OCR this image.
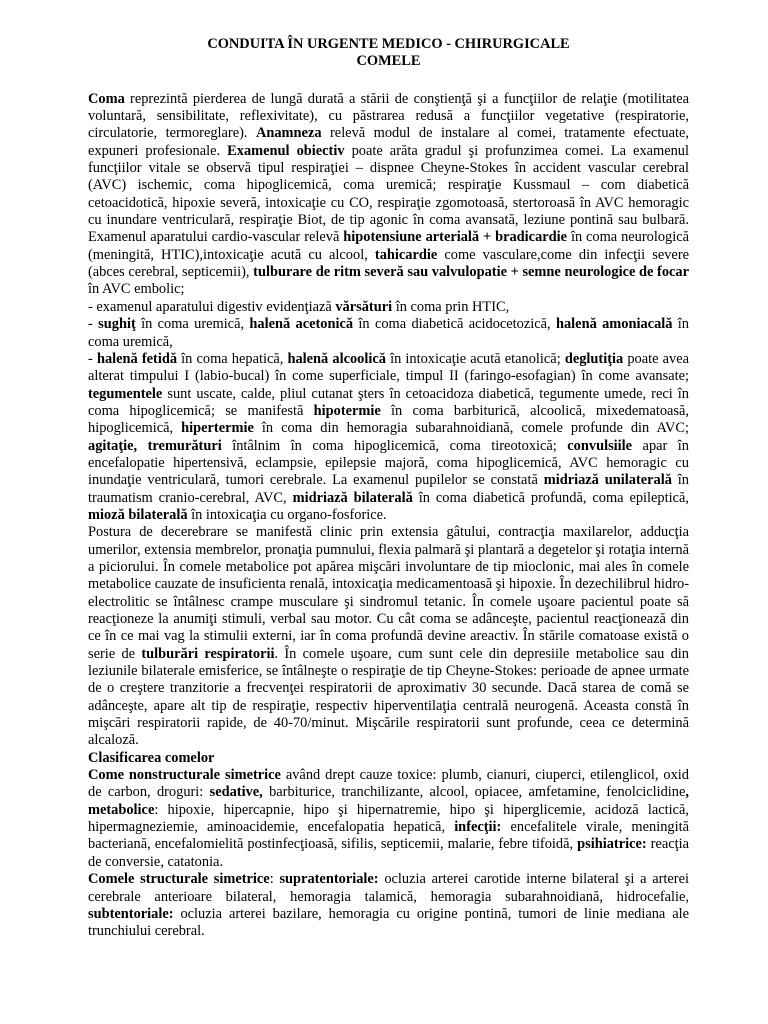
CONDUITA ÎN URGENTE MEDICO - CHIRURGICALE

COMELE

Coma reprezintă pierderea de lungă durată a stării de conştienţă şi a funcţiilor de relaţie (motilitatea voluntară, sensibilitate, reflexivitate), cu păstrarea redusă a funcţiilor vegetative (respiratorie, circulatorie, termoreglare). Anamneza relevă modul de instalare al comei, tratamente efectuate, expuneri profesionale. Examenul obiectiv poate arăta gradul şi profunzimea comei. La examenul funcţiilor vitale se observă tipul respiraţiei – dispnee Cheyne-Stokes în accident vascular cerebral (AVC) ischemic, coma hipoglicemică, coma uremică; respiraţie Kussmaul – com diabetică cetoacidotică, hipoxie severă, intoxicaţie cu CO, respiraţie zgomotoasă, stertoroasă în AVC hemoragic cu inundare ventriculară, respiraţie Biot, de tip agonic în coma avansată, leziune pontină sau bulbară. Examenul aparatului cardio-vascular relevă hipotensiune arterială + bradicardie în coma neurologică (meningită, HTIC),intoxicaţie acută cu alcool, tahicardie come vasculare,come din infecţii severe (abces cerebral, septicemii), tulburare de ritm severă sau valvulopatie + semne neurologice de focar în AVC embolic;

- examenul aparatului digestiv evidenţiază vărsături în coma prin HTIC,

- sughiţ în coma uremică, halenă acetonică în coma diabetică acidocetozică, halenă amoniacală în coma uremică,

- halenă fetidă în coma hepatică, halenă alcoolică în intoxicaţie acută etanolică; deglutiţia poate avea alterat timpului I (labio-bucal) în come superficiale, timpul II (faringo-esofagian) în come avansate; tegumentele sunt uscate, calde, pliul cutanat şters în cetoacidoza diabetică, tegumente umede, reci în coma hipoglicemică; se manifestă hipotermie în coma barbiturică, alcoolică, mixedematoasă, hipoglicemică, hipertermie în coma din hemoragia subarahnoidiană, comele profunde din AVC; agitaţie, tremurături întâlnim în coma hipoglicemică, coma tireotoxică; convulsiile apar în encefalopatie hipertensivă, eclampsie, epilepsie majoră, coma hipoglicemică, AVC hemoragic cu inundaţie ventriculară, tumori cerebrale. La examenul pupilelor se constată midriază unilaterală în traumatism cranio-cerebral, AVC, midriază bilaterală în coma diabetică profundă, coma epileptică, mioză bilaterală în intoxicaţia cu organo-fosforice.

Postura de decerebrare se manifestă clinic prin extensia gâtului, contracţia maxilarelor, adducţia umerilor, extensia membrelor, pronaţia pumnului, flexia palmară şi plantară a degetelor şi rotaţia internă a piciorului. În comele metabolice pot apărea mişcări involuntare de tip mioclonic, mai ales în comele metabolice cauzate de insuficienta renală, intoxicaţia medicamentoasă şi hipoxie. În dezechilibrul hidro-electrolitic se întâlnesc crampe musculare şi sindromul tetanic. În comele uşoare pacientul poate să reacţioneze la anumiţi stimuli, verbal sau motor. Cu cât coma se adânceşte, pacientul reacţionează din ce în ce mai vag la stimulii externi, iar în coma profundă devine areactiv. În stările comatoase există o serie de tulburări respiratorii. În comele uşoare, cum sunt cele din depresiile metabolice sau din leziunile bilaterale emisferice, se întâlneşte o respiraţie de tip Cheyne-Stokes: perioade de apnee urmate de o creştere tranzitorie a frecvenţei respiratorii de aproximativ 30 secunde. Dacă starea de comă se adânceşte, apare alt tip de respiraţie, respectiv hiperventilaţia centrală neurogenă. Aceasta constă în mişcări respiratorii rapide, de 40-70/minut. Mişcările respiratorii sunt profunde, ceea ce determină alcaloză.

Clasificarea comelor

Come nonstructurale simetrice având drept cauze toxice: plumb, cianuri, ciuperci, etilenglicol, oxid de carbon, droguri: sedative, barbiturice, tranchilizante, alcool, opiacee, amfetamine, fenolciclidine, metabolice: hipoxie, hipercapnie, hipo şi hipernatremie, hipo şi hiperglicemie, acidoză lactică, hipermagneziemie, aminoacidemie, encefalopatia hepatică, infecţii: encefalitele virale, meningită bacteriană, encefalomielită postinfecţioasă, sifilis, septicemii, malarie, febre tifoidă, psihiatrice: reacţia de conversie, catatonia.

Comele structurale simetrice: supratentoriale: ocluzia arterei carotide interne bilateral şi a arterei cerebrale anterioare bilateral, hemoragia talamică, hemoragia subarahnoidiană, hidrocefalie, subtentoriale: ocluzia arterei bazilare, hemoragia cu origine pontină, tumori de linie mediana ale trunchiului cerebral.
